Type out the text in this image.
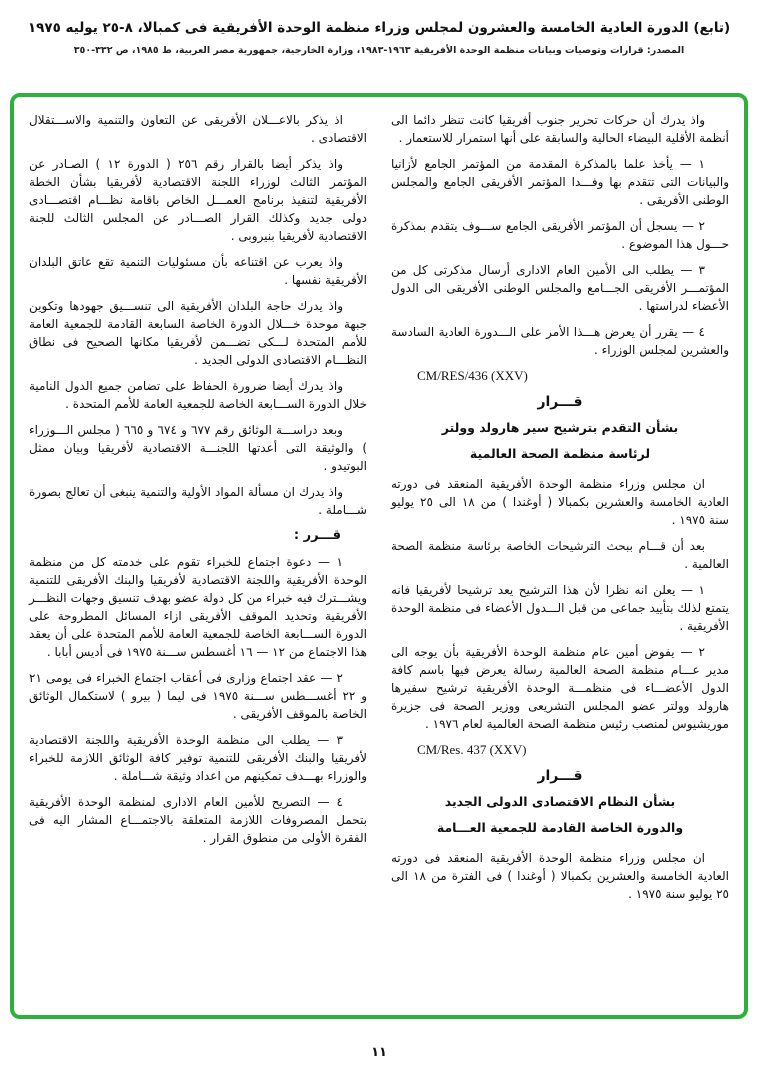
(تابع) الدورة العادية الخامسة والعشرون لمجلس وزراء منظمة الوحدة الأفريقية فى كمبالا، ٨-٢٥ يوليه ١٩٧٥
المصدر: قرارات وتوصيات وبيانات منظمة الوحدة الأفريقية ١٩٦٣-١٩٨٣، وزارة الخارجية، جمهورية مصر العربية، ط ١٩٨٥، ص ٣٣٢-٣٥٠

واذ يدرك أن حركات تحرير جنوب أفريقيا كانت تنظر دائما الى أنظمة الأقلية البيضاء الحالية والسابقة على أنها استمرار للاستعمار .

١ — يأخذ علما بالمذكرة المقدمة من المؤتمر الجامع لأزانيا والبيانات التى تتقدم بها وفـــدا المؤتمر الأفريقى الجامع والمجلس الوطنى الأفريقى .

٢ — يسجل أن المؤتمر الأفريقى الجامع ســـوف يتقدم بمذكرة حـــول هذا الموضوع .

٣ — يطلب الى الأمين العام الادارى أرسال مذكرتى كل من المؤتمـــر الأفريقى الجـــامع والمجلس الوطنى الأفريقى الى الدول الأعضاء لدراستها .

٤ — يقرر أن يعرض هـــذا الأمر على الـــدورة العادية السادسة والعشرين لمجلس الوزراء .

CM/RES/436 (XXV)

قـــرار

بشأن التقدم بترشيح سير هارولد وولتر

لرئاسة منظمة الصحة العالمية

ان مجلس وزراء منظمة الوحدة الأفريقية المنعقد فى دورته العادية الخامسة والعشرين بكمبالا ( أوغندا ) من ١٨ الى ٢٥ يوليو سنة ١٩٧٥ .

بعد أن قـــام ببحث الترشيحات الخاصة برئاسة منظمة الصحة العالمية .

١ — يعلن انه نظرا لأن هذا الترشيح يعد ترشيحا لأفريقيا فانه يتمتع لذلك بتأييد جماعى من قبل الـــدول الأعضاء فى منظمة الوحدة الأفريقية .

٢ — يفوض أمين عام منظمة الوحدة الأفريقية بأن يوجه الى مدير عـــام منظمة الصحة العالمية رسالة يعرض فيها باسم كافة الدول الأعضـــاء فى منظمـــة الوحدة الأفريقية ترشيح سفيرها هارولد وولتر عضو المجلس التشريعى ووزير الصحة فى جزيرة موريشيوس لمنصب رئيس منظمة الصحة العالمية لعام ١٩٧٦ .

CM/Res. 437 (XXV)

قـــرار

بشأن النظام الاقتصادى الدولى الجديد

والدورة الخاصة القادمة للجمعية العـــامة

ان مجلس وزراء منظمة الوحدة الأفريقية المنعقد فى دورته العادية الخامسة والعشرين بكمبالا ( أوغندا ) فى الفترة من ١٨ الى ٢٥ يوليو سنة ١٩٧٥ .

اذ يذكر بالاعـــلان الأفريقى عن التعاون والتنمية والاســـتقلال الاقتصادى .

واذ يذكر أيضا بالقرار رقم ٢٥٦ ( الدورة ١٢ ) الصـادر عن المؤتمر الثالث لوزراء اللجنة الاقتصادية لأفريقيا بشأن الخطة الأفريقية لتنفيذ برنامج العمـــل الخاص باقامة نظـــام اقتصـــادى دولى جديد وكذلك القرار الصـــادر عن المجلس الثالث للجنة الاقتصادية لأفريقيا بنيروبى .

واذ يعرب عن اقتناعه بأن مسئوليات التنمية تقع عاتق البلدان الأفريقية نفسها .

واذ يدرك حاجة البلدان الأفريقية الى تنســـيق جهودها وتكوين جبهة موحدة خـــلال الدورة الخاصة السابعة القادمة للجمعية العامة للأمم المتحدة لـــكى تضـــمن لأفريقيا مكانها الصحيح فى نطاق النظـــام الاقتصادى الدولى الجديد .

واذ يدرك أيضا ضرورة الحفاظ على تضامن جميع الدول النامية خلال الدورة الســـابعة الخاصة للجمعية العامة للأمم المتحدة .

وبعد دراســـة الوثائق رقم ٦٧٧ و ٦٧٤ و ٦٦٥ ( مجلس الـــوزراء ) والوثيقة التى أعدتها اللجنـــة الاقتصادية لأفريقيا وبيان ممثل البوتيدو .

واذ يدرك ان مسألة المواد الأولية والتنمية ينبغى أن تعالج بصورة شـــاملة .

قـــرر :

١ — دعوة اجتماع للخبراء تقوم على خدمته كل من منظمة الوحدة الأفريقية واللجنة الاقتصادية لأفريقيا والبنك الأفريقى للتنمية ويشـــترك فيه خبراء من كل دولة عضو بهدف تنسيق وجهات النظـــر الأفريقية وتحديد الموقف الأفريقى ازاء المسائل المطروحة على الدورة الســـابعة الخاصة للجمعية العامة للأمم المتحدة على أن يعقد هذا الاجتماع من ١٢ — ١٦ أغسطس ســـنة ١٩٧٥ فى أديس أبابا .

٢ — عقد اجتماع وزارى فى أعقاب اجتماع الخبراء فى يومى ٢١ و ٢٢ أغســـطس ســـنة ١٩٧٥ فى ليما ( بيرو ) لاستكمال الوثائق الخاصة بالموقف الأفريقى .

٣ — يطلب الى منظمة الوحدة الأفريقية واللجنة الاقتصادية لأفريقيا والبنك الأفريقى للتنمية توفير كافة الوثائق اللازمة للخبراء والوزراء بهـــدف تمكينهم من اعداد وثيقة شـــاملة .

٤ — التصريح للأمين العام الادارى لمنظمة الوحدة الأفريقية بتحمل المصروفات اللازمة المتعلقة بالاجتمـــاع المشار اليه فى الفقرة الأولى من منطوق القرار .

١١
